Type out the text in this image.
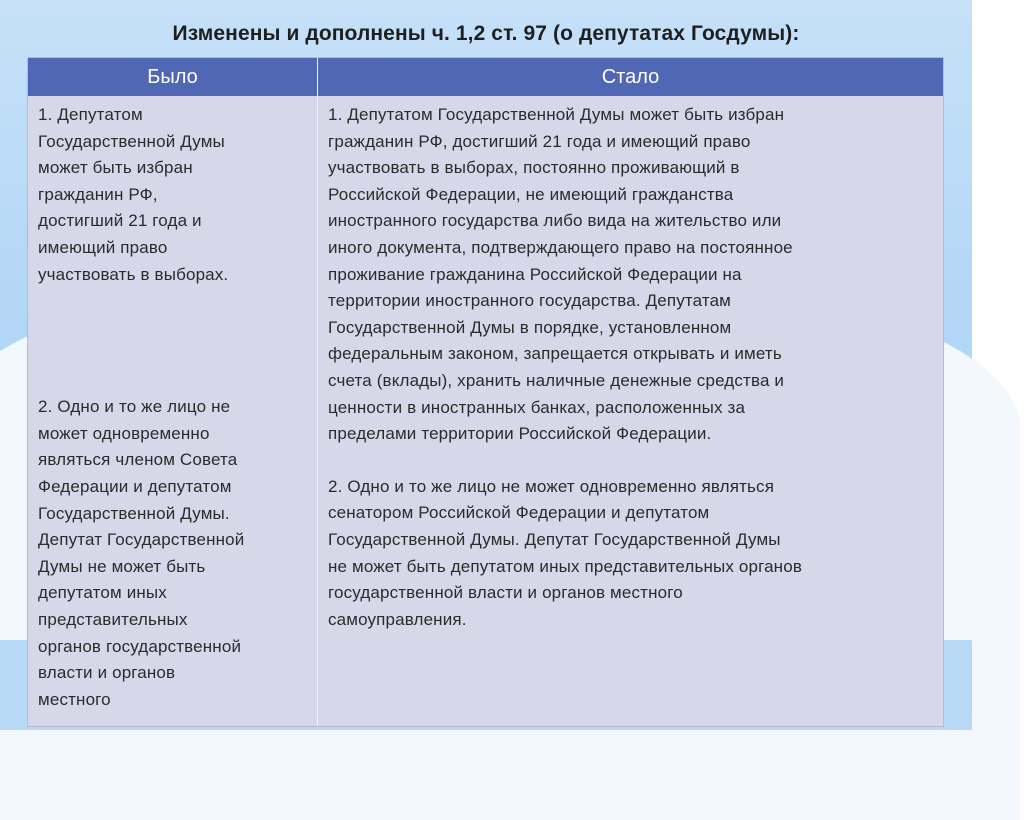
Изменены и дополнены ч. 1,2 ст. 97 (о депутатах Госдумы):
Было	Стало

1. Депутатом
Государственной Думы
может быть избран
гражданин РФ,
достигший 21 года и
имеющий право
участвовать в выборах.

2. Одно и то же лицо не
может одновременно
являться членом Совета
Федерации и депутатом
Государственной Думы.
Депутат Государственной
Думы не может быть
депутатом иных
представительных
органов государственной
власти и органов
местного

1. Депутатом Государственной Думы может быть избран
гражданин РФ, достигший 21 года и имеющий право
участвовать в выборах, постоянно проживающий в
Российской Федерации, не имеющий гражданства
иностранного государства либо вида на жительство или
иного документа, подтверждающего право на постоянное
проживание гражданина Российской Федерации на
территории иностранного государства. Депутатам
Государственной Думы в порядке, установленном
федеральным законом, запрещается открывать и иметь
счета (вклады), хранить наличные денежные средства и
ценности в иностранных банках, расположенных за
пределами территории Российской Федерации.

2. Одно и то же лицо не может одновременно являться
сенатором Российской Федерации и депутатом
Государственной Думы. Депутат Государственной Думы
не может быть депутатом иных представительных органов
государственной власти и органов местного
самоуправления.
